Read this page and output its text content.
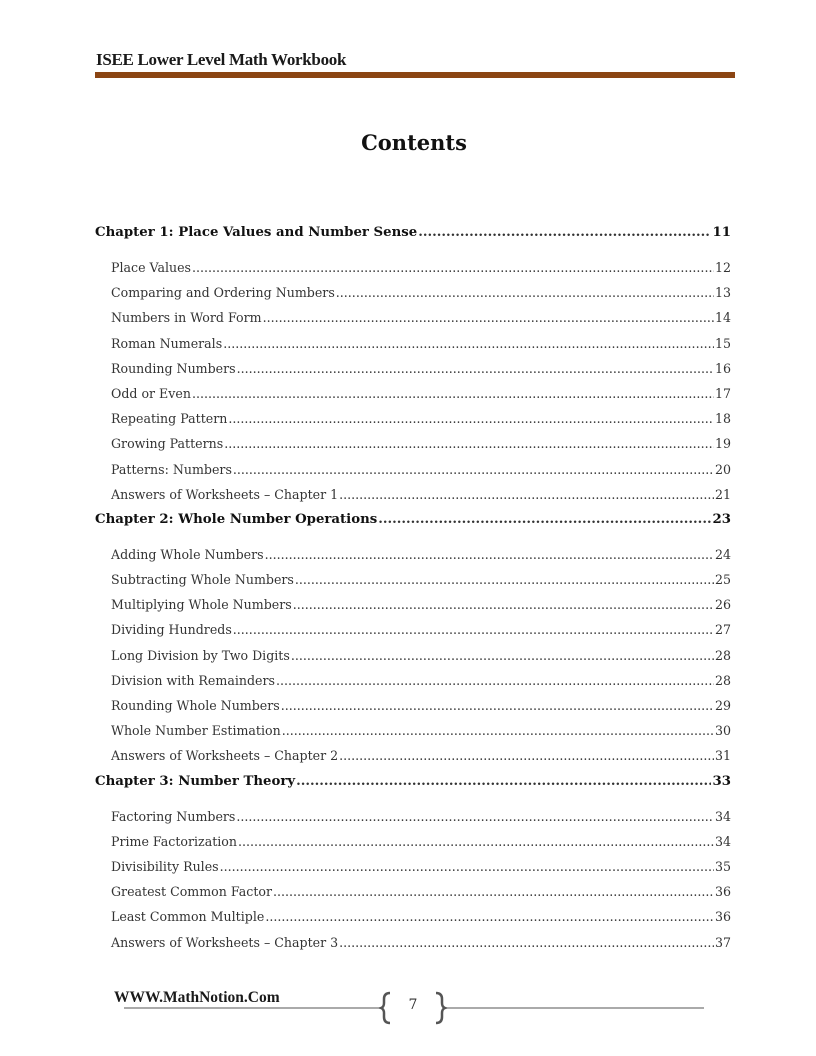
ISEE Lower Level Math Workbook
Contents
Chapter 1: Place Values and Number Sense .....	11
Place Values .....	12
Comparing and Ordering Numbers .....	13
Numbers in Word Form .....	14
Roman Numerals .....	15
Rounding Numbers .....	16
Odd or Even .....	17
Repeating Pattern .....	18
Growing Patterns .....	19
Patterns: Numbers .....	20
Answers of Worksheets – Chapter 1 .....	21
Chapter 2: Whole Number Operations .....	23
Adding Whole Numbers .....	24
Subtracting Whole Numbers .....	25
Multiplying Whole Numbers .....	26
Dividing Hundreds .....	27
Long Division by Two Digits .....	28
Division with Remainders .....	28
Rounding Whole Numbers .....	29
Whole Number Estimation .....	30
Answers of Worksheets – Chapter 2 .....	31
Chapter 3: Number Theory .....	33
Factoring Numbers .....	34
Prime Factorization .....	34
Divisibility Rules .....	35
Greatest Common Factor .....	36
Least Common Multiple .....	36
Answers of Worksheets – Chapter 3 .....	37
WWW.MathNotion.Com	7
